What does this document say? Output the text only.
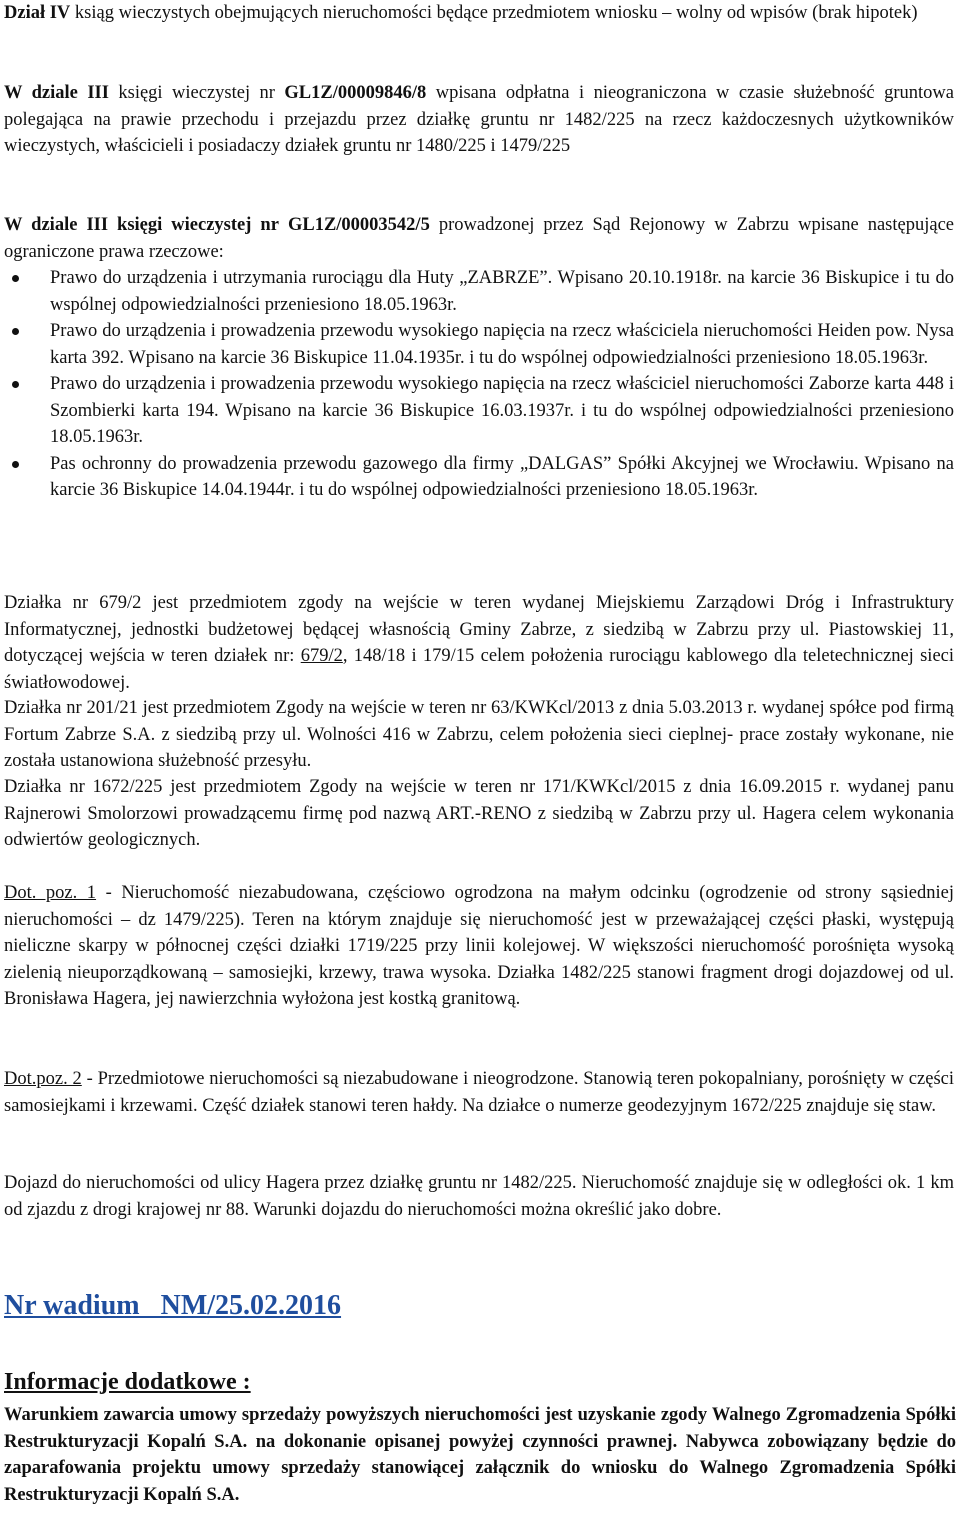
Dział IV ksiąg wieczystych obejmujących nieruchomości będące przedmiotem wniosku – wolny od wpisów (brak hipotek)

W dziale III księgi wieczystej nr GL1Z/00009846/8 wpisana odpłatna i nieograniczona w czasie służebność gruntowa polegająca na prawie przechodu i przejazdu przez działkę gruntu nr 1482/225 na rzecz każdoczesnych użytkowników wieczystych, właścicieli i posiadaczy działek gruntu nr 1480/225 i 1479/225

W dziale III księgi wieczystej nr GL1Z/00003542/5 prowadzonej przez Sąd Rejonowy w Zabrzu wpisane następujące ograniczone prawa rzeczowe:

Prawo do urządzenia i utrzymania rurociągu dla Huty „ZABRZE”. Wpisano 20.10.1918r. na karcie 36 Biskupice i tu do wspólnej odpowiedzialności przeniesiono 18.05.1963r.
Prawo do urządzenia i prowadzenia przewodu wysokiego napięcia na rzecz właściciela nieruchomości Heiden pow. Nysa karta 392. Wpisano na karcie 36 Biskupice 11.04.1935r. i tu do wspólnej odpowiedzialności przeniesiono 18.05.1963r.
Prawo do urządzenia i prowadzenia przewodu wysokiego napięcia na rzecz właściciel nieruchomości Zaborze karta 448 i Szombierki karta 194. Wpisano na karcie 36 Biskupice 16.03.1937r. i tu do wspólnej odpowiedzialności przeniesiono 18.05.1963r.
Pas ochronny do prowadzenia przewodu gazowego dla firmy „DALGAS” Spółki Akcyjnej we Wrocławiu. Wpisano na karcie 36 Biskupice 14.04.1944r. i tu do wspólnej odpowiedzialności przeniesiono 18.05.1963r.

Działka nr 679/2 jest przedmiotem zgody na wejście w teren wydanej Miejskiemu Zarządowi Dróg i Infrastruktury Informatycznej, jednostki budżetowej będącej własnością Gminy Zabrze, z siedzibą w Zabrzu przy ul. Piastowskiej 11, dotyczącej wejścia w teren działek nr: 679/2, 148/18 i 179/15 celem położenia rurociągu kablowego dla teletechnicznej sieci światłowodowej.

Działka nr 201/21 jest przedmiotem Zgody na wejście w teren nr 63/KWKcl/2013 z dnia 5.03.2013 r. wydanej spółce pod firmą Fortum Zabrze S.A. z siedzibą przy ul. Wolności 416 w Zabrzu, celem położenia sieci cieplnej- prace zostały wykonane, nie została ustanowiona służebność przesyłu.

Działka nr 1672/225 jest przedmiotem Zgody na wejście w teren nr 171/KWKcl/2015 z dnia 16.09.2015 r. wydanej panu Rajnerowi Smolorzowi prowadzącemu firmę pod nazwą ART.-RENO z siedzibą w Zabrzu przy ul. Hagera celem wykonania odwiertów geologicznych.

Dot. poz. 1 - Nieruchomość niezabudowana, częściowo ogrodzona na małym odcinku (ogrodzenie od strony sąsiedniej nieruchomości – dz 1479/225). Teren na którym znajduje się nieruchomość jest w przeważającej części płaski, występują nieliczne skarpy w północnej części działki 1719/225 przy linii kolejowej. W większości nieruchomość porośnięta wysoką zielenią nieuporządkowaną – samosiejki, krzewy, trawa wysoka. Działka 1482/225 stanowi fragment drogi dojazdowej od ul. Bronisława Hagera, jej nawierzchnia wyłożona jest kostką granitową.

Dot.poz. 2 - Przedmiotowe nieruchomości są niezabudowane i nieogrodzone. Stanowią teren pokopalniany, porośnięty w części samosiejkami i krzewami. Część działek stanowi teren hałdy. Na działce o numerze geodezyjnym 1672/225 znajduje się staw.

Dojazd do nieruchomości od ulicy Hagera przez działkę gruntu nr 1482/225. Nieruchomość znajduje się w odległości ok. 1 km od zjazdu z drogi krajowej nr 88. Warunki dojazdu do nieruchomości można określić jako dobre.

Nr wadium   NM/25.02.2016
Informacje dodatkowe :

Warunkiem zawarcia umowy sprzedaży powyższych nieruchomości jest uzyskanie zgody Walnego Zgromadzenia Spółki Restrukturyzacji Kopalń S.A. na dokonanie opisanej powyżej czynności prawnej. Nabywca zobowiązany będzie do zaparafowania projektu umowy sprzedaży stanowiącej załącznik do wniosku do Walnego Zgromadzenia Spółki Restrukturyzacji Kopalń S.A.
